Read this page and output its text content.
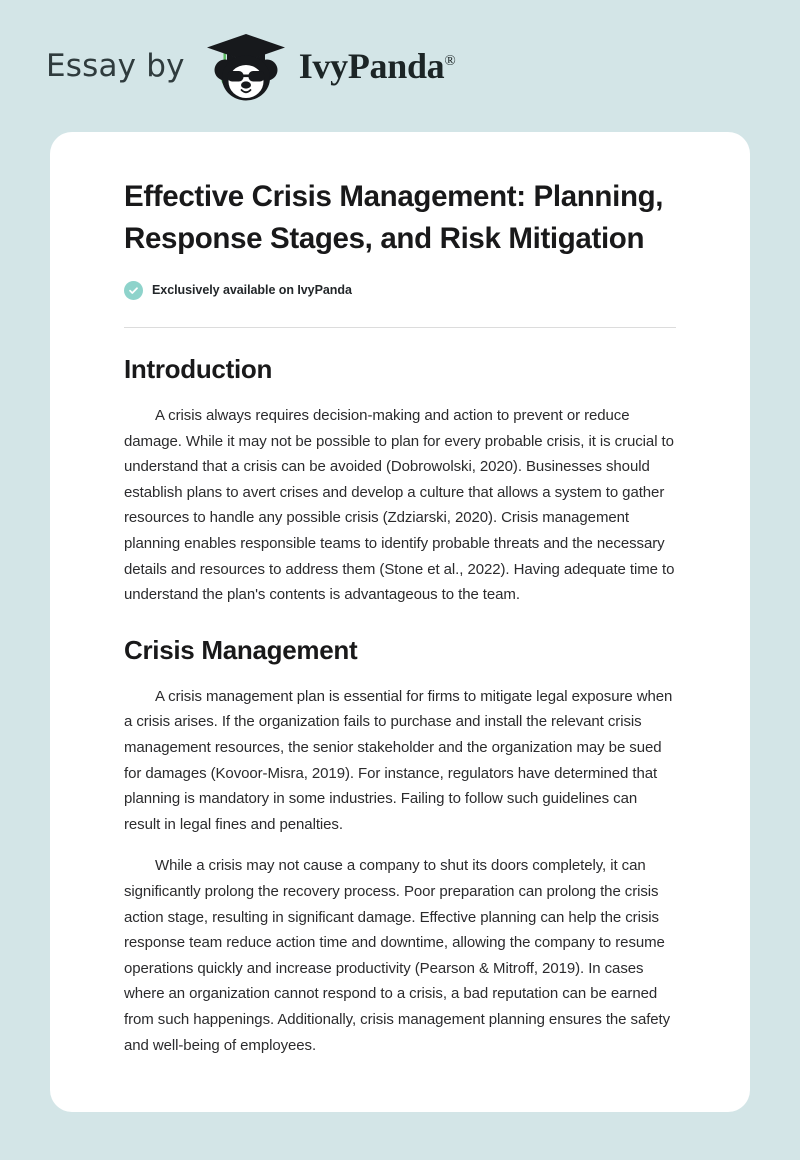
Essay by	IvyPanda®
Effective Crisis Management: Planning, Response Stages, and Risk Mitigation
Exclusively available on IvyPanda
Introduction

A crisis always requires decision-making and action to prevent or reduce damage. While it may not be possible to plan for every probable crisis, it is crucial to understand that a crisis can be avoided (Dobrowolski, 2020). Businesses should establish plans to avert crises and develop a culture that allows a system to gather resources to handle any possible crisis (Zdziarski, 2020). Crisis management planning enables responsible teams to identify probable threats and the necessary details and resources to address them (Stone et al., 2022). Having adequate time to understand the plan's contents is advantageous to the team.

Crisis Management

A crisis management plan is essential for firms to mitigate legal exposure when a crisis arises. If the organization fails to purchase and install the relevant crisis management resources, the senior stakeholder and the organization may be sued for damages (Kovoor-Misra, 2019). For instance, regulators have determined that planning is mandatory in some industries. Failing to follow such guidelines can result in legal fines and penalties.

While a crisis may not cause a company to shut its doors completely, it can significantly prolong the recovery process. Poor preparation can prolong the crisis action stage, resulting in significant damage. Effective planning can help the crisis response team reduce action time and downtime, allowing the company to resume operations quickly and increase productivity (Pearson & Mitroff, 2019). In cases where an organization cannot respond to a crisis, a bad reputation can be earned from such happenings. Additionally, crisis management planning ensures the safety and well-being of employees.
